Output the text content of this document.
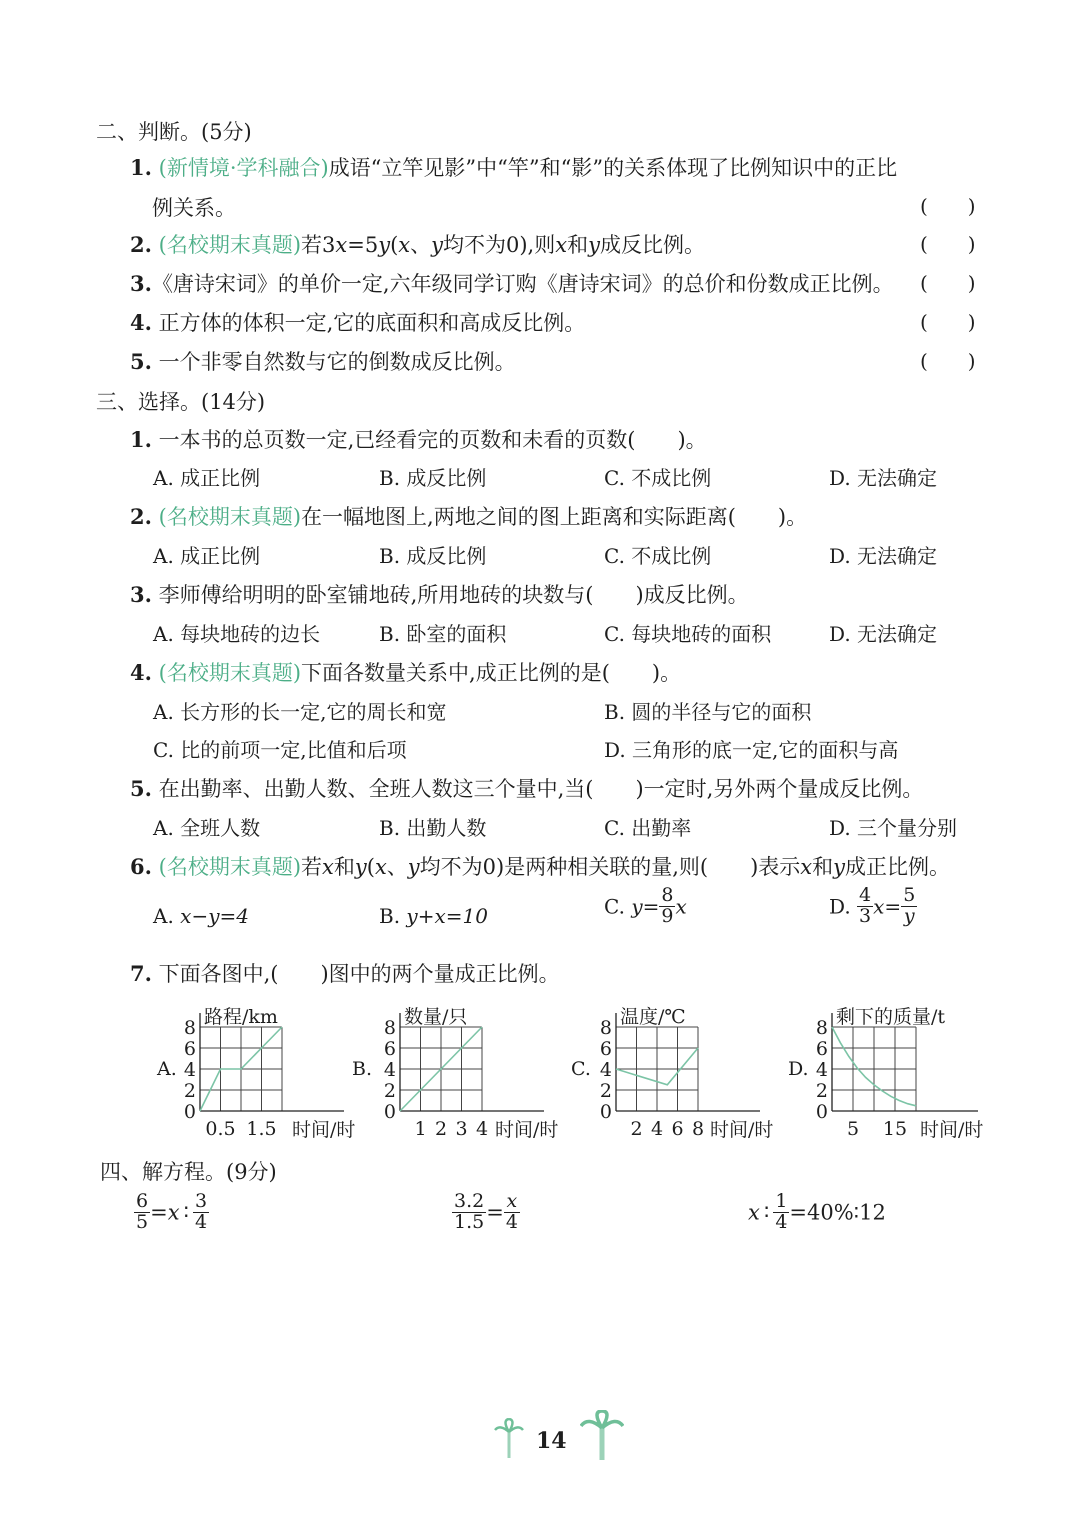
二、判断。(5分)
1. (新情境·学科融合)成语“立竿见影”中“竿”和“影”的关系体现了比例知识中的正比
例关系。	(　　)
2. (名校期末真题)若3x=5y(x、y均不为0),则x和y成反比例。	(　　)
3.《唐诗宋词》的单价一定,六年级同学订购《唐诗宋词》的总价和份数成正比例。 (　　)
4. 正方体的体积一定,它的底面积和高成反比例。	(　　)
5. 一个非零自然数与它的倒数成反比例。	(　　)
三、选择。(14分)
1. 一本书的总页数一定,已经看完的页数和未看的页数(　　)。
A. 成正比例	B. 成反比例	C. 不成比例	D. 无法确定
2. (名校期末真题)在一幅地图上,两地之间的图上距离和实际距离(　　)。
A. 成正比例	B. 成反比例	C. 不成比例	D. 无法确定
3. 李师傅给明明的卧室铺地砖,所用地砖的块数与(　　)成反比例。
A. 每块地砖的边长	B. 卧室的面积	C. 每块地砖的面积	D. 无法确定
4. (名校期末真题)下面各数量关系中,成正比例的是(　　)。
A. 长方形的长一定,它的周长和宽	B. 圆的半径与它的面积
C. 比的前项一定,比值和后项	D. 三角形的底一定,它的面积与高
5. 在出勤率、出勤人数、全班人数这三个量中,当(　　)一定时,另外两个量成反比例。
A. 全班人数	B. 出勤人数	C. 出勤率	D. 三个量分别
6. (名校期末真题)若x和y(x、y均不为0)是两种相关联的量,则(　　)表示x和y成正比例。
A. x−y=4	B. y+x=10	C. $y= \frac{8}{9}$ x	D. $\frac{4}{3} x= \frac{5}{y}$
7. 下面各图中,(　　)图中的两个量成正比例。
0
2
4
6
8
0.5 1.5 时间/时
路程/km
A.
0
2
4
6
8
1 2 3 4 时间/时
数量/只
B.
0
2
4
6
8
2 4 6 8 时间/时
温度/℃
C.
0
2
4
6
8
5 15 时间/时
剩下的质量/t
D.
四、解方程。(9分)
$\frac{6}{5} =x$ ∶ $\frac{3}{4}$	$\frac{3.2}{1.5} = \frac{x}{4}$	x ∶ $\frac{1}{4}$ =40%∶12
14
